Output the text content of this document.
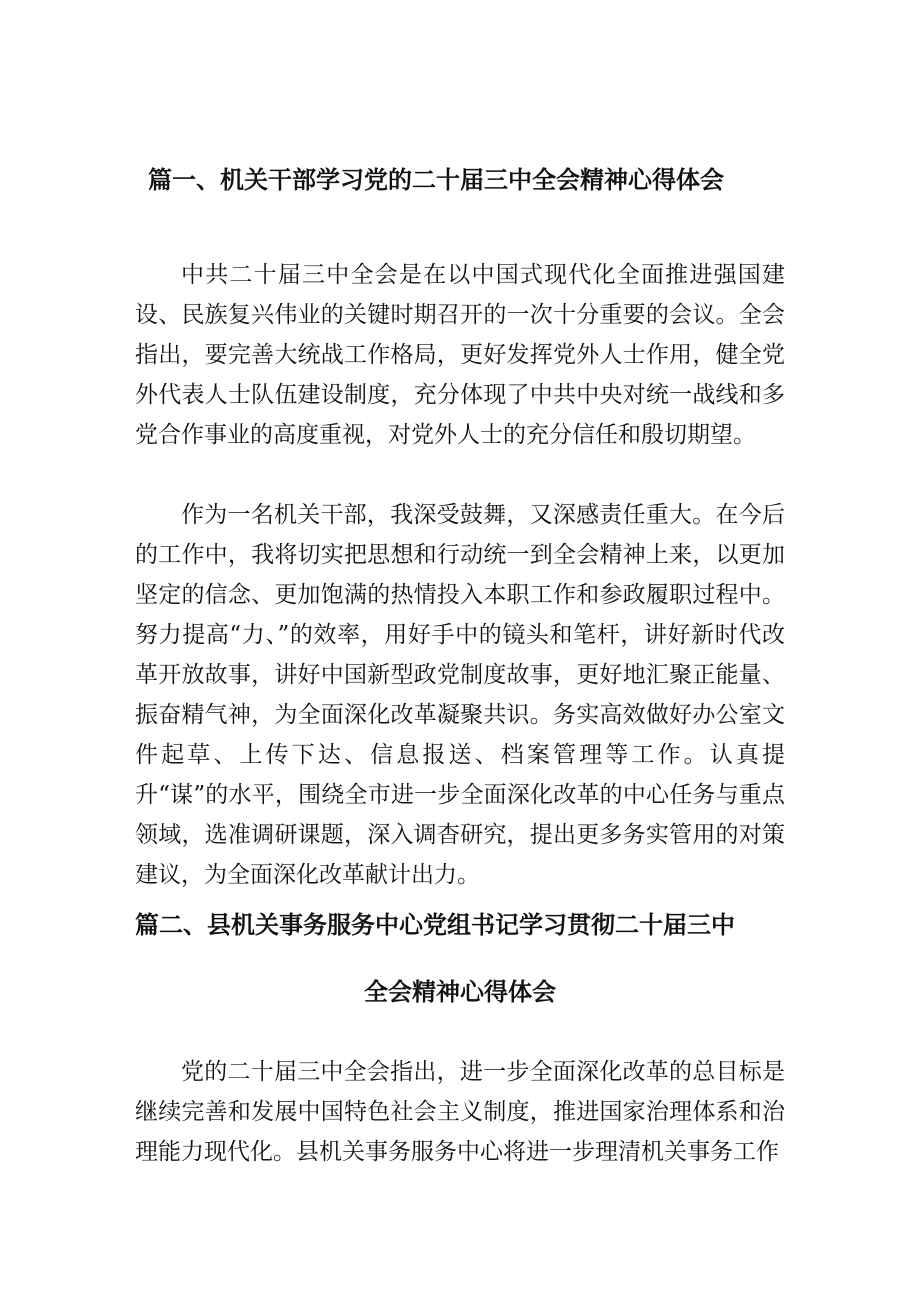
篇一、机关干部学习党的二十届三中全会精神心得体会

中共二十届三中全会是在以中国式现代化全面推进强国建设、民族复兴伟业的关键时期召开的一次十分重要的会议。全会指出，要完善大统战工作格局，更好发挥党外人士作用，健全党外代表人士队伍建设制度，充分体现了中共中央对统一战线和多党合作事业的高度重视，对党外人士的充分信任和殷切期望。

作为一名机关干部，我深受鼓舞，又深感责任重大。在今后的工作中，我将切实把思想和行动统一到全会精神上来，以更加坚定的信念、更加饱满的热情投入本职工作和参政履职过程中。努力提高“力、”的效率，用好手中的镜头和笔杆，讲好新时代改革开放故事，讲好中国新型政党制度故事，更好地汇聚正能量、振奋精气神，为全面深化改革凝聚共识。务实高效做好办公室文件起草、上传下达、信息报送、档案管理等工作。认真提升“谋”的水平，围绕全市进一步全面深化改革的中心任务与重点领域，选准调研课题，深入调杳研究，提出更多务实管用的对策建议，为全面深化改革献计出力。

篇二、县机关事务服务中心党组书记学习贯彻二十届三中
全会精神心得体会

党的二十届三中全会指出，进一步全面深化改革的总目标是继续完善和发展中国特色社会主义制度，推进国家治理体系和治理能力现代化。县机关事务服务中心将进一步理清机关事务工作
